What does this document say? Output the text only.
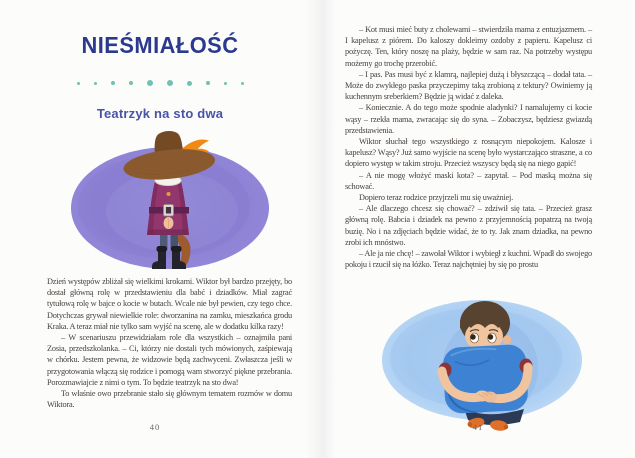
NIEŚMIAŁOŚĆ
Teatrzyk na sto dwa

Dzień występów zbliżał się wielkimi krokami. Wiktor był bardzo przejęty, bo dostał główną rolę w przedstawieniu dla babć i dziadków. Miał zagrać tytułową rolę w bajce o kocie w butach. Wcale nie był pewien, czy tego chce. Dotychczas grywał niewielkie role: dworzanina na zamku, mieszkańca grodu Kraka. A teraz miał nie tylko sam wyjść na scenę, ale w dodatku kilka razy!

– W scenariuszu przewidziałam role dla wszystkich – oznajmiła pani Zosia, przedszkolanka. – Ci, którzy nie dostali tych mówionych, zaśpiewają w chórku. Jestem pewna, że widzowie będą zachwyceni. Zwłaszcza jeśli w przygotowania włączą się rodzice i pomogą wam stworzyć piękne przebrania. Porozmawiajcie z nimi o tym. To będzie teatrzyk na sto dwa!

To właśnie owo przebranie stało się głównym tematem rozmów w domu Wiktora.

40

– Kot musi mieć buty z cholewami – stwierdziła mama z entuzjazmem. – I kapelusz z piórem. Do kaloszy dokleimy ozdoby z papieru. Kapelusz ci pożyczę. Ten, który noszę na plaży, będzie w sam raz. Na potrzeby występu możemy go trochę przerobić.

– I pas. Pas musi być z klamrą, najlepiej dużą i błyszczącą – dodał tata. – Może do zwykłego paska przyczepimy taką zrobioną z tektury? Owiniemy ją kuchennym sreberkiem? Będzie ją widać z daleka.

– Koniecznie. A do tego może spodnie aladynki? I namalujemy ci kocie wąsy – rzekła mama, zwracając się do syna. – Zobaczysz, będziesz gwiazdą przedstawienia.

Wiktor słuchał tego wszystkiego z rosnącym niepokojem. Kalosze i kapelusz? Wąsy? Już samo wyjście na scenę było wystarczająco straszne, a co dopiero występ w takim stroju. Przecież wszyscy będą się na niego gapić!

– A nie mogę włożyć maski kota? – zapytał. – Pod maską można się schować.

Dopiero teraz rodzice przyjrzeli mu się uważniej.

– Ale dlaczego chcesz się chować? – zdziwił się tata. – Przecież grasz główną rolę. Babcia i dziadek na pewno z przyjemnością popatrzą na twoją buzię. No i na zdjęciach będzie widać, że to ty. Jak znam dziadka, na pewno zrobi ich mnóstwo.

– Ale ja nie chcę! – zawołał Wiktor i wybiegł z kuchni. Wpadł do swojego pokoju i rzucił się na łóżko. Teraz najchętniej by się po prostu

41
